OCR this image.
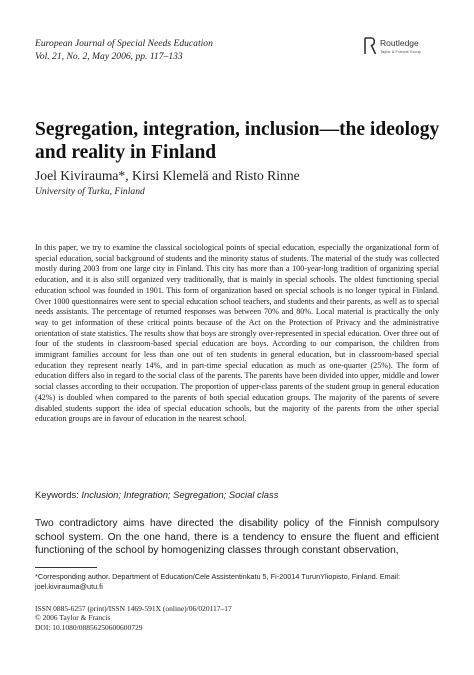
European Journal of Special Needs Education
Vol. 21, No. 2, May 2006, pp. 117–133
Routledge
Taylor & Francis Group
Segregation, integration, inclusion—the ideology and reality in Finland
Joel Kivirauma*, Kirsi Klemelä and Risto Rinne
University of Turku, Finland

In this paper, we try to examine the classical sociological points of special education, especially the organizational form of special education, social background of students and the minority status of students. The material of the study was collected mostly during 2003 from one large city in Finland. This city has more than a 100-year-long tradition of organizing special education, and it is also still organized very traditionally, that is mainly in special schools. The oldest functioning special education school was founded in 1901. This form of organization based on special schools is no longer typical in Finland. Over 1000 questionnaires were sent to special education school teachers, and students and their parents, as well as to special needs assistants. The percentage of returned responses was between 70% and 80%. Local material is practically the only way to get information of these critical points because of the Act on the Protection of Privacy and the administrative orientation of state statistics. The results show that boys are strongly over-represented in special education. Over three out of four of the students in classroom-based special education are boys. According to our comparison, the children from immigrant families account for less than one out of ten students in general education, but in classroom-based special education they represent nearly 14%, and in part-time special education as much as one-quarter (25%). The form of education differs also in regard to the social class of the parents. The parents have been divided into upper, middle and lower social classes according to their occupation. The proportion of upper-class parents of the student group in general education (42%) is doubled when compared to the parents of both special education groups. The majority of the parents of severe disabled students support the idea of special education schools, but the majority of the parents from the other special education groups are in favour of education in the nearest school.

Keywords: Inclusion; Integration; Segregation; Social class

Two contradictory aims have directed the disability policy of the Finnish compulsory school system. On the one hand, there is a tendency to ensure the fluent and efficient functioning of the school by homogenizing classes through constant observation,

*Corresponding author. Department of Education/Cele Assistentinkatu 5, Fi-20014 TurunYliopisto, Finland. Email: joel.kivirauma@utu.fi

ISSN 0885-6257 (print)/ISSN 1469-591X (online)/06/020117–17
© 2006 Taylor & Francis
DOI: 10.1080/08856250600600729
